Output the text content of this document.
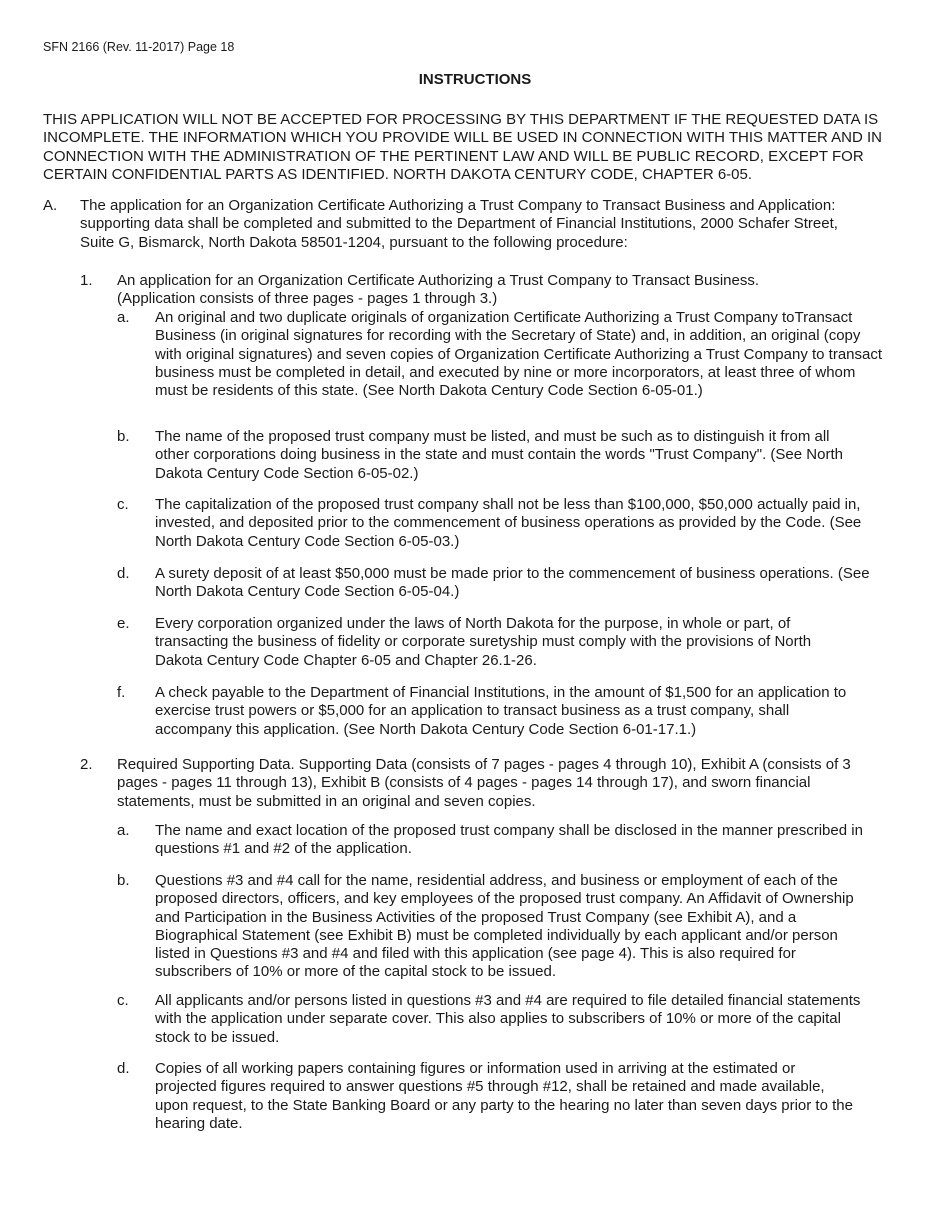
SFN 2166 (Rev. 11-2017) Page 18
INSTRUCTIONS
THIS APPLICATION WILL NOT BE ACCEPTED FOR PROCESSING BY THIS DEPARTMENT IF THE REQUESTED DATA IS INCOMPLETE. THE INFORMATION WHICH YOU PROVIDE WILL BE USED IN CONNECTION WITH THIS MATTER AND IN CONNECTION WITH THE ADMINISTRATION OF THE PERTINENT LAW AND WILL BE PUBLIC RECORD, EXCEPT FOR CERTAIN CONFIDENTIAL PARTS AS IDENTIFIED. NORTH DAKOTA CENTURY CODE, CHAPTER 6-05.
A. The application for an Organization Certificate Authorizing a Trust Company to Transact Business and Application: supporting data shall be completed and submitted to the Department of Financial Institutions, 2000 Schafer Street, Suite G, Bismarck, North Dakota 58501-1204, pursuant to the following procedure:
1. An application for an Organization Certificate Authorizing a Trust Company to Transact Business. (Application consists of three pages - pages 1 through 3.)
a. An original and two duplicate originals of organization Certificate Authorizing a Trust Company toTransact Business (in original signatures for recording with the Secretary of State) and, in addition, an original (copy with original signatures) and seven copies of Organization Certificate Authorizing a Trust Company to transact business must be completed in detail, and executed by nine or more incorporators, at least three of whom must be residents of this state. (See North Dakota Century Code Section 6-05-01.)
b. The name of the proposed trust company must be listed, and must be such as to distinguish it from all other corporations doing business in the state and must contain the words "Trust Company". (See North Dakota Century Code Section 6-05-02.)
c. The capitalization of the proposed trust company shall not be less than $100,000, $50,000 actually paid in, invested, and deposited prior to the commencement of business operations as provided by the Code. (See North Dakota Century Code Section 6-05-03.)
d. A surety deposit of at least $50,000 must be made prior to the commencement of business operations. (See North Dakota Century Code Section 6-05-04.)
e. Every corporation organized under the laws of North Dakota for the purpose, in whole or part, of transacting the business of fidelity or corporate suretyship must comply with the provisions of North Dakota Century Code Chapter 6-05 and Chapter 26.1-26.
f. A check payable to the Department of Financial Institutions, in the amount of $1,500 for an application to exercise trust powers or $5,000 for an application to transact business as a trust company, shall accompany this application. (See North Dakota Century Code Section 6-01-17.1.)
2. Required Supporting Data. Supporting Data (consists of 7 pages - pages 4 through 10), Exhibit A (consists of 3 pages - pages 11 through 13), Exhibit B (consists of 4 pages - pages 14 through 17), and sworn financial statements, must be submitted in an original and seven copies.
a. The name and exact location of the proposed trust company shall be disclosed in the manner prescribed in questions #1 and #2 of the application.
b. Questions #3 and #4 call for the name, residential address, and business or employment of each of the proposed directors, officers, and key employees of the proposed trust company. An Affidavit of Ownership and Participation in the Business Activities of the proposed Trust Company (see Exhibit A), and a Biographical Statement (see Exhibit B) must be completed individually by each applicant and/or person listed in Questions #3 and #4 and filed with this application (see page 4). This is also required for subscribers of 10% or more of the capital stock to be issued.
c. All applicants and/or persons listed in questions #3 and #4 are required to file detailed financial statements with the application under separate cover. This also applies to subscribers of 10% or more of the capital stock to be issued.
d. Copies of all working papers containing figures or information used in arriving at the estimated or projected figures required to answer questions #5 through #12, shall be retained and made available, upon request, to the State Banking Board or any party to the hearing no later than seven days prior to the hearing date.
